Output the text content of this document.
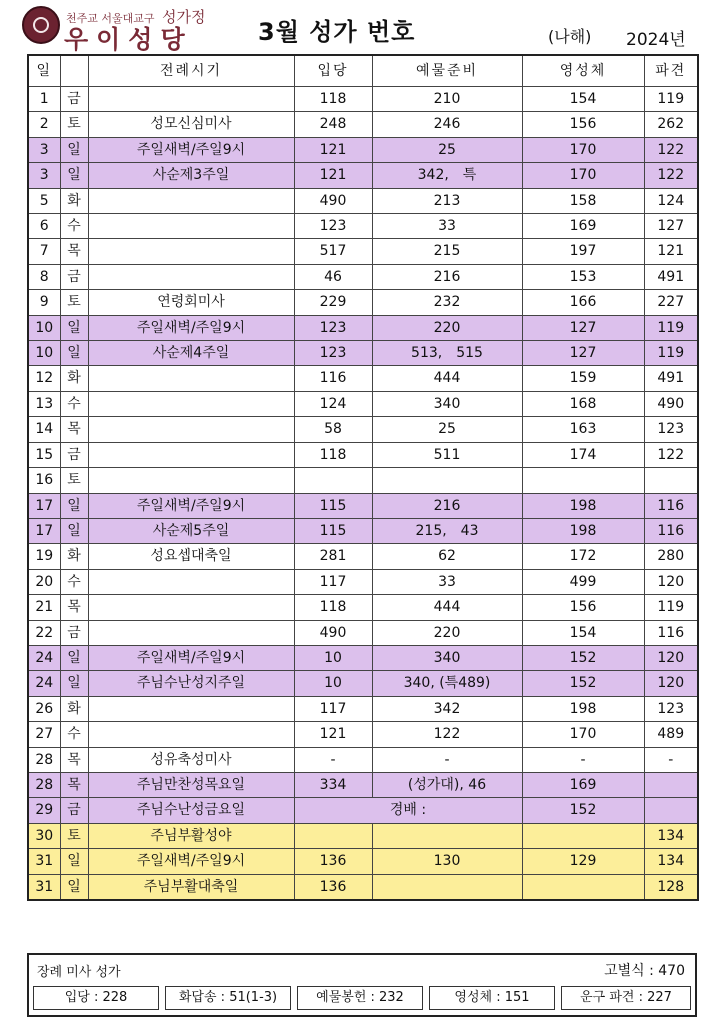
천주교 서울대교구 성가정
우이성당	3월 성가 번호	(나해) 2024년
일		전례시기	입당	예물준비	영성체	파견
1	금		118	210	154	119
2	토	성모신심미사	248	246	156	262
3	일	주일새벽/주일9시	121	25	170	122
3	일	사순제3주일	121	342,　특	170	122
5	화		490	213	158	124
6	수		123	33	169	127
7	목		517	215	197	121
8	금		46	216	153	491
9	토	연령회미사	229	232	166	227
10	일	주일새벽/주일9시	123	220	127	119
10	일	사순제4주일	123	513,　515	127	119
12	화		116	444	159	491
13	수		124	340	168	490
14	목		58	25	163	123
15	금		118	511	174	122
16	토					
17	일	주일새벽/주일9시	115	216	198	116
17	일	사순제5주일	115	215,　43	198	116
19	화	성요셉대축일	281	62	172	280
20	수		117	33	499	120
21	목		118	444	156	119
22	금		490	220	154	116
24	일	주일새벽/주일9시	10	340	152	120
24	일	주님수난성지주일	10	340, (특489)	152	120
26	화		117	342	198	123
27	수		121	122	170	489
28	목	성유축성미사	-	-	-	-
28	목	주님만찬성목요일	334	(성가대), 46	169	
29	금	주님수난성금요일	경배 :		152	
30	토	주님부활성야				134
31	일	주일새벽/주일9시	136	130	129	134
31	일	주님부활대축일	136			128
장례 미사 성가	고별식 : 470
입당 : 228	화답송 : 51(1-3)	예물봉헌 : 232	영성체 : 151	운구 파견 : 227
